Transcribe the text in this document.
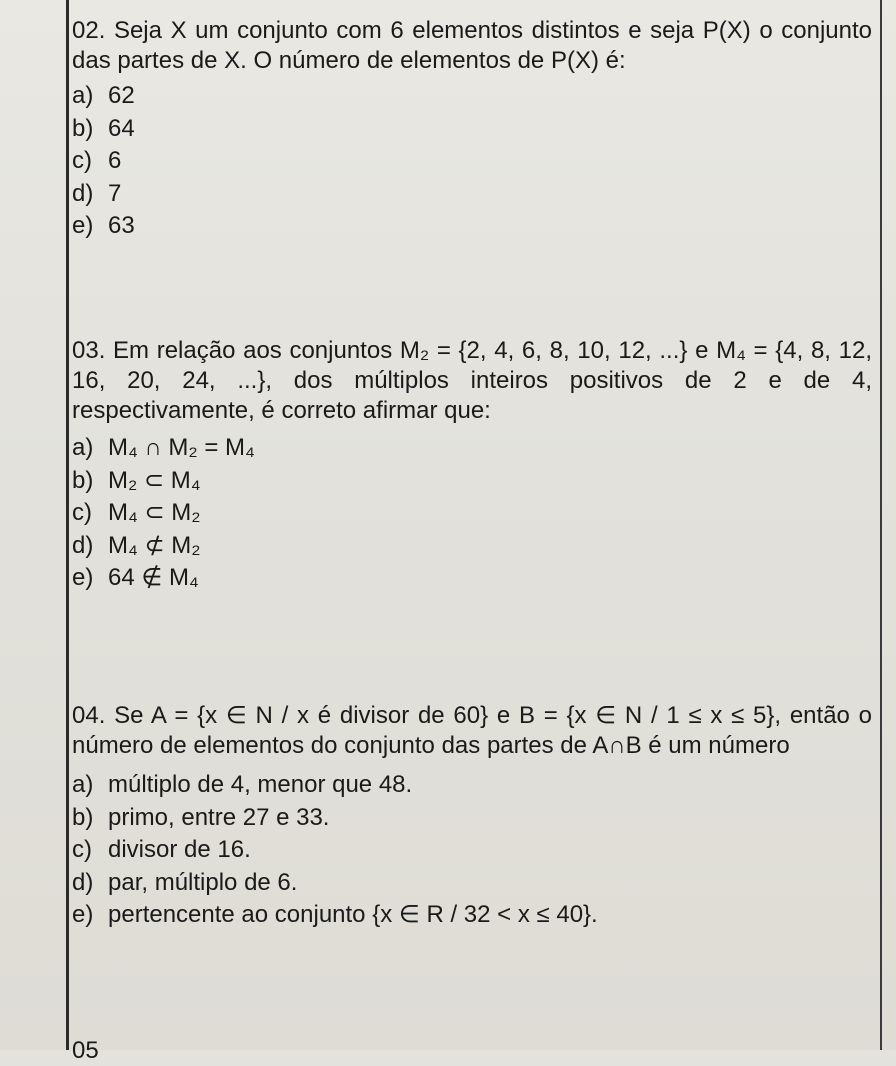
02. Seja X um conjunto com 6 elementos distintos e seja P(X) o conjunto das partes de X. O número de elementos de P(X) é:

a) 62
b) 64
c) 6
d) 7
e) 63

03. Em relação aos conjuntos M₂ = {2, 4, 6, 8, 10, 12, ...} e M₄ = {4, 8, 12, 16, 20, 24, ...}, dos múltiplos inteiros positivos de 2 e de 4, respectivamente, é correto afirmar que:

a) M₄ ∩ M₂ = M₄
b) M₂ ⊂ M₄
c) M₄ ⊂ M₂
d) M₄ ⊄ M₂
e) 64 ∉ M₄

04. Se A = {x ∈ N / x é divisor de 60} e B = {x ∈ N / 1 ≤ x ≤ 5}, então o número de elementos do conjunto das partes de A∩B é um número

a) múltiplo de 4, menor que 48.
b) primo, entre 27 e 33.
c) divisor de 16.
d) par, múltiplo de 6.
e) pertencente ao conjunto {x ∈ R / 32 < x ≤ 40}.
05
